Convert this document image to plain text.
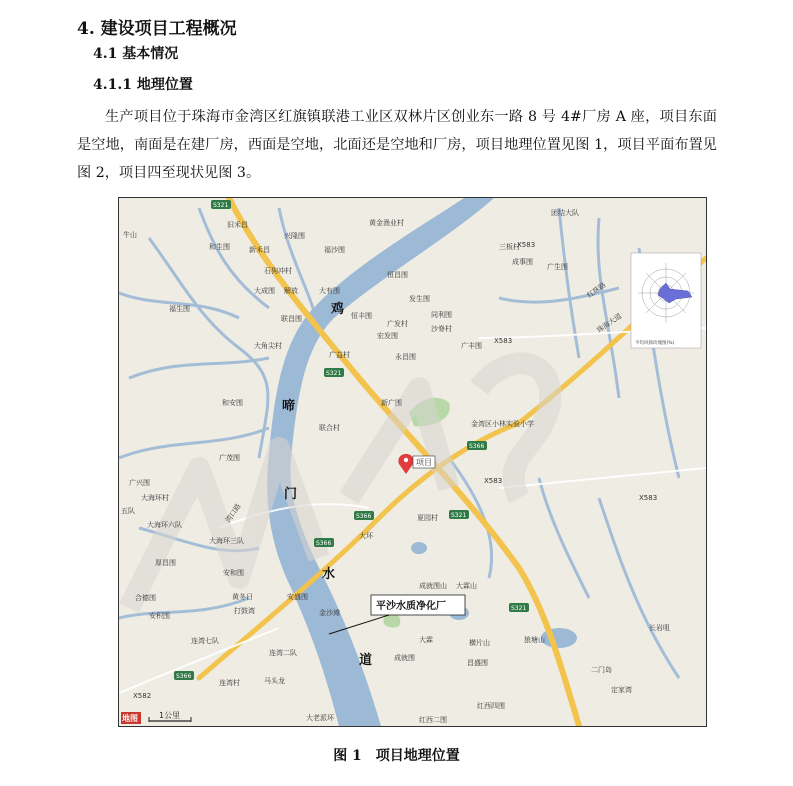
4. 建设项目工程概况
4.1 基本情况
4.1.1 地理位置

生产项目位于珠海市金湾区红旗镇联港工业区双林片区创业东一路 8 号 4#厂房 A 座，项目东面是空地，南面是在建厂房，西面是空地，北面还是空地和厂房，项目地理位置见图 1，项目平面布置见图 2，项目四至现状见图 3。

S321
S321
S366
S366
S366
S321
S321
S366
牛山
旧禾昌
兴隆围
黄金渔业村
团结大队
和生围	新禾昌	福沙围	三板村
成事围
石狗冲村	广生围
恒昌围
大成围 解放	大有围
发生围
福生围
联昌围	恒丰围	同利围
广发村
宏发围
沙脊村
大角尖村
广益村
广丰围
永昌围
新广围
和安围
联合村	金湾区小林实验小学
广茂围
广兴围
大海环村
五队
大海环六队
大海环三队
夏园村
大环
厚昌围
成就围山 大霖山
安和围
黄冬日
金沙滩
安盛围
合德围
打鼓湾
安积围
连湾七队
连湾二队
大霖	横片山	狼塘山
二门岛
连湾村	马头龙
成就围
昌盛围
长岩咀
定家湾
红西四围
大老派环	红西二围
X583
X583
X583
X583
X582
红珠路
珠海大道
湾口路
鸡
啼
门
水
道
项目
平沙水质净化厂
平均风频玫瑰图(%)
1公里
地图
图 1　项目地理位置
